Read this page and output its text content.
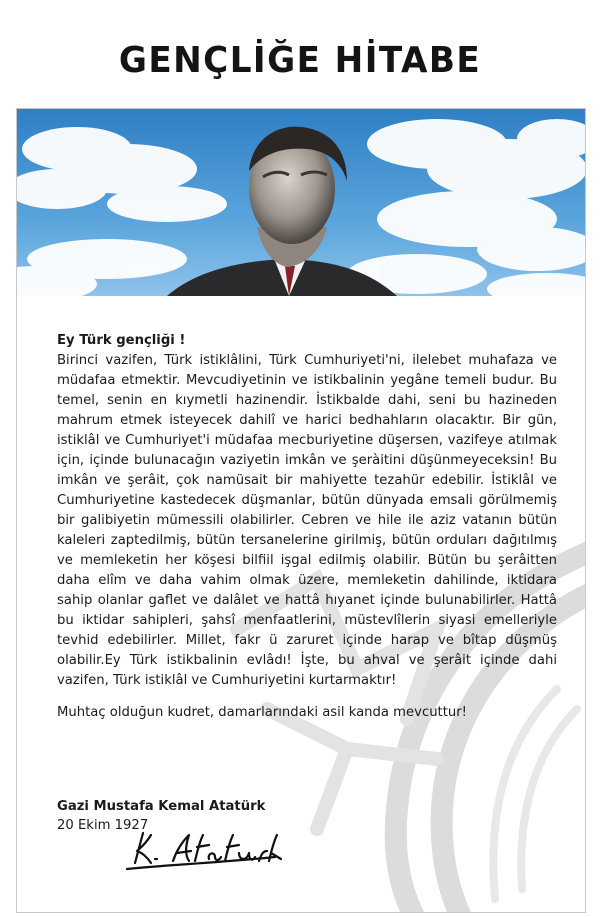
GENÇLİĞE HİTABE

Ey Türk gençliği !

Birinci vazifen, Türk istiklâlini, Türk Cumhuriyeti'ni, ilelebet muhafaza ve müdafaa etmektir. Mevcudiyetinin ve istikbalinin yegâne temeli budur. Bu temel, senin en kıymetli hazinendir. İstikbalde dahi, seni bu hazineden mahrum etmek isteyecek dahilî ve harici bedhahların olacaktır. Bir gün, istiklâl ve Cumhuriyet'i müdafaa mecburiyetine düşersen, vazifeye atılmak için, içinde bulunacağın vaziyetin imkân ve şeràitini düşünmeyeceksin! Bu imkân ve şerâit, çok namüsait bir mahiyette tezahür edebilir. İstiklâl ve Cumhuriyetine kastedecek düşmanlar, bütün dünyada emsali görülmemiş bir galibiyetin mümessili olabilirler. Cebren ve hile ile aziz vatanın bütün kaleleri zaptedilmiş, bütün tersanelerine girilmiş, bütün orduları dağıtılmış ve memleketin her köşesi bilfiil işgal edilmiş olabilir. Bütün bu şerâitten daha elîm ve daha vahim olmak üzere, memleketin dahilinde, iktidara sahip olanlar gaflet ve dalâlet ve hattâ hıyanet içinde bulunabilirler. Hattâ bu iktidar sahipleri, şahsî menfaatlerini, müstevlîlerin siyasi emelleriyle tevhid edebilirler. Millet, fakr ü zaruret içinde harap ve bîtap düşmüş olabilir.Ey Türk istikbalinin evlâdı! İşte, bu ahval ve şerâit içinde dahi vazifen, Türk istiklâl ve Cumhuriyetini kurtarmaktır!

Muhtaç olduğun kudret, damarlarındaki asil kanda mevcuttur!

Gazi Mustafa Kemal Atatürk
20 Ekim 1927
